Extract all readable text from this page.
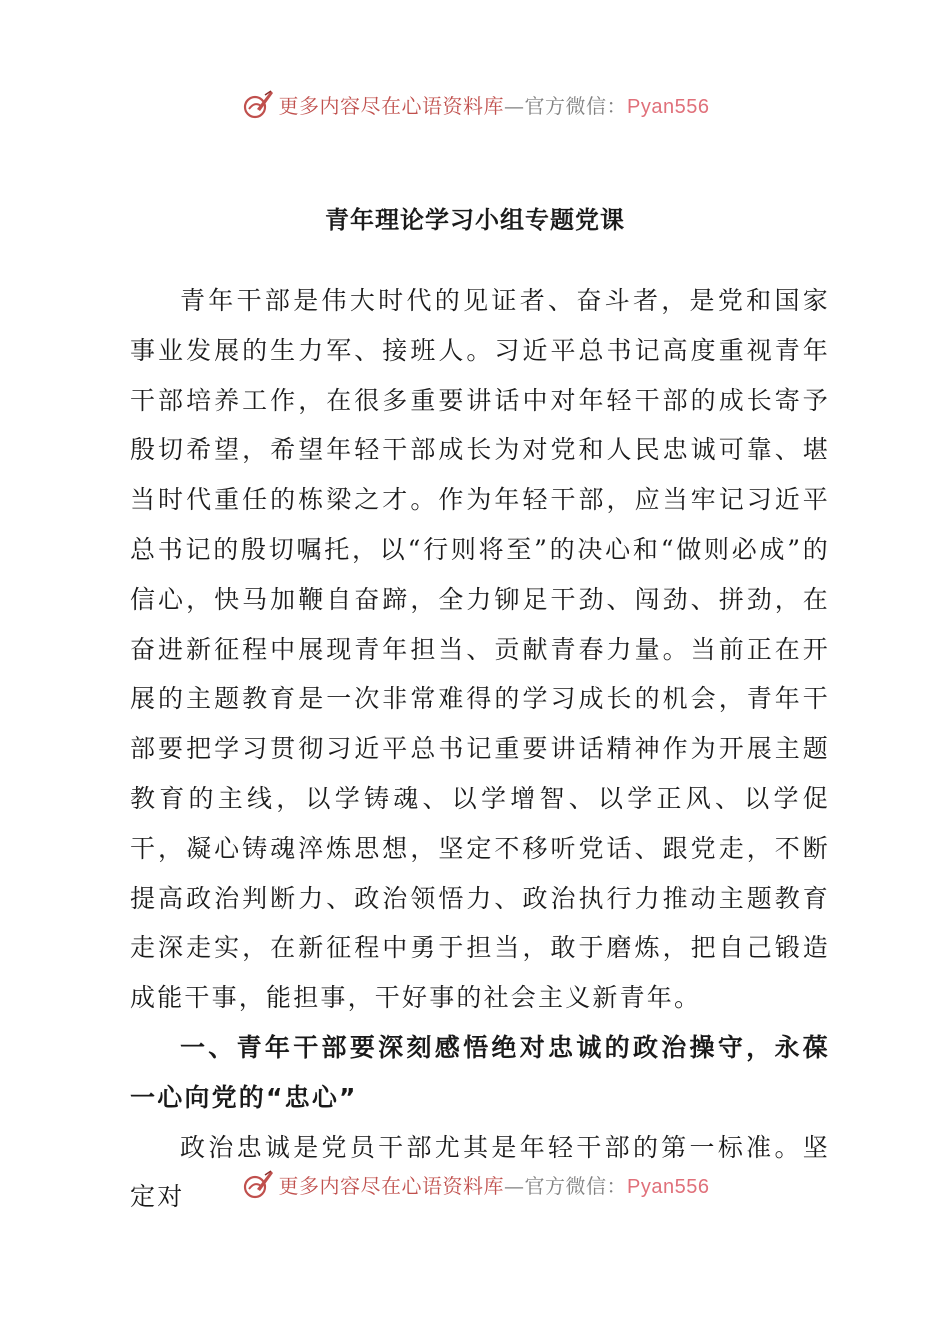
更多内容尽在心语资料库—官方微信：Pyan556
青年理论学习小组专题党课

青年干部是伟大时代的见证者、奋斗者，是党和国家事业发展的生力军、接班人。习近平总书记高度重视青年干部培养工作，在很多重要讲话中对年轻干部的成长寄予殷切希望，希望年轻干部成长为对党和人民忠诚可靠、堪当时代重任的栋梁之才。作为年轻干部，应当牢记习近平总书记的殷切嘱托，以“行则将至”的决心和“做则必成”的信心，快马加鞭自奋蹄，全力铆足干劲、闯劲、拼劲，在奋进新征程中展现青年担当、贡献青春力量。当前正在开展的主题教育是一次非常难得的学习成长的机会，青年干部要把学习贯彻习近平总书记重要讲话精神作为开展主题教育的主线，以学铸魂、以学增智、以学正风、以学促干，凝心铸魂淬炼思想，坚定不移听党话、跟党走，不断提高政治判断力、政治领悟力、政治执行力推动主题教育走深走实，在新征程中勇于担当，敢于磨炼，把自己锻造成能干事，能担事，干好事的社会主义新青年。

一、青年干部要深刻感悟绝对忠诚的政治操守，永葆一心向党的“忠心”

政治忠诚是党员干部尤其是年轻干部的第一标准。坚定对	更多内容尽在心语资料库—官方微信：Pyan556
